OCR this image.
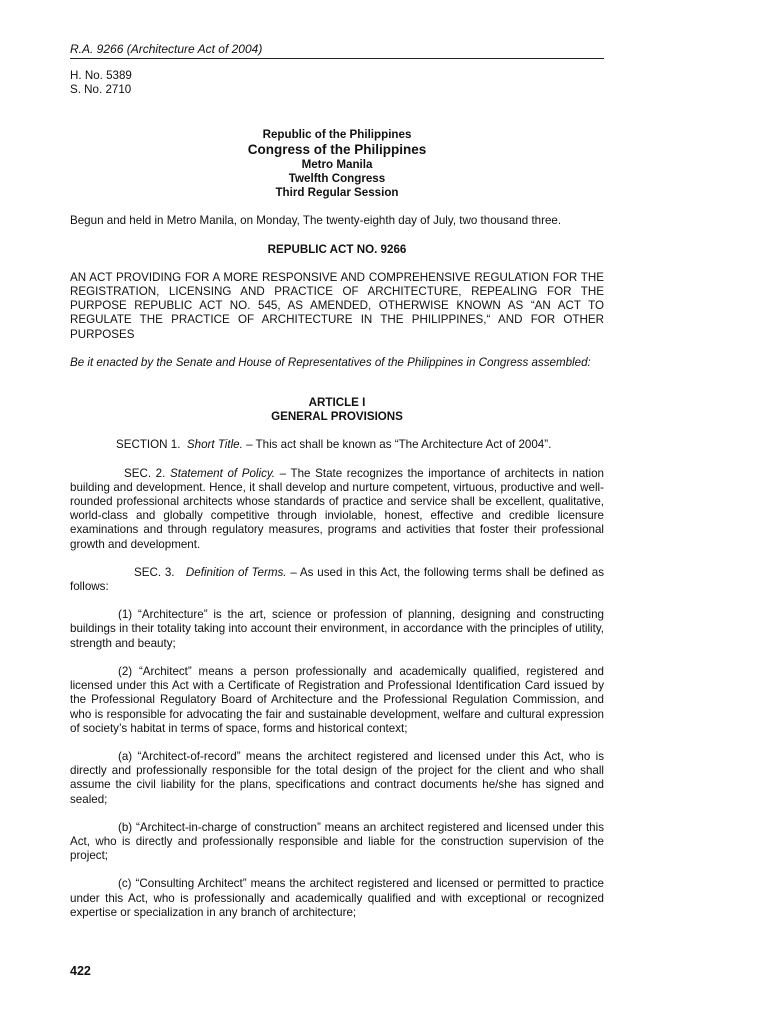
R.A. 9266 (Architecture Act of 2004)
H. No. 5389
S. No. 2710
Republic of the Philippines
Congress of the Philippines
Metro Manila
Twelfth Congress
Third Regular Session

Begun and held in Metro Manila, on Monday, The twenty-eighth day of July, two thousand three.

REPUBLIC ACT NO. 9266

AN ACT PROVIDING FOR A MORE RESPONSIVE AND COMPREHENSIVE REGULATION FOR THE REGISTRATION, LICENSING AND PRACTICE OF ARCHITECTURE, REPEALING FOR THE PURPOSE REPUBLIC ACT NO. 545, AS AMENDED, OTHERWISE KNOWN AS “AN ACT TO REGULATE THE PRACTICE OF ARCHITECTURE IN THE PHILIPPINES,“ AND FOR OTHER PURPOSES

Be it enacted by the Senate and House of Representatives of the Philippines in Congress assembled:

ARTICLE I
GENERAL PROVISIONS

SECTION 1. Short Title. – This act shall be known as “The Architecture Act of 2004”.

SEC. 2. Statement of Policy. – The State recognizes the importance of architects in nation building and development. Hence, it shall develop and nurture competent, virtuous, productive and well-rounded professional architects whose standards of practice and service shall be excellent, qualitative, world-class and globally competitive through inviolable, honest, effective and credible licensure examinations and through regulatory measures, programs and activities that foster their professional growth and development.

SEC. 3. Definition of Terms. – As used in this Act, the following terms shall be defined as follows:

(1) “Architecture” is the art, science or profession of planning, designing and constructing buildings in their totality taking into account their environment, in accordance with the principles of utility, strength and beauty;

(2) “Architect” means a person professionally and academically qualified, registered and licensed under this Act with a Certificate of Registration and Professional Identification Card issued by the Professional Regulatory Board of Architecture and the Professional Regulation Commission, and who is responsible for advocating the fair and sustainable development, welfare and cultural expression of society’s habitat in terms of space, forms and historical context;

(a) “Architect-of-record” means the architect registered and licensed under this Act, who is directly and professionally responsible for the total design of the project for the client and who shall assume the civil liability for the plans, specifications and contract documents he/she has signed and sealed;

(b) “Architect-in-charge of construction” means an architect registered and licensed under this Act, who is directly and professionally responsible and liable for the construction supervision of the project;

(c) “Consulting Architect” means the architect registered and licensed or permitted to practice under this Act, who is professionally and academically qualified and with exceptional or recognized expertise or specialization in any branch of architecture;

422
